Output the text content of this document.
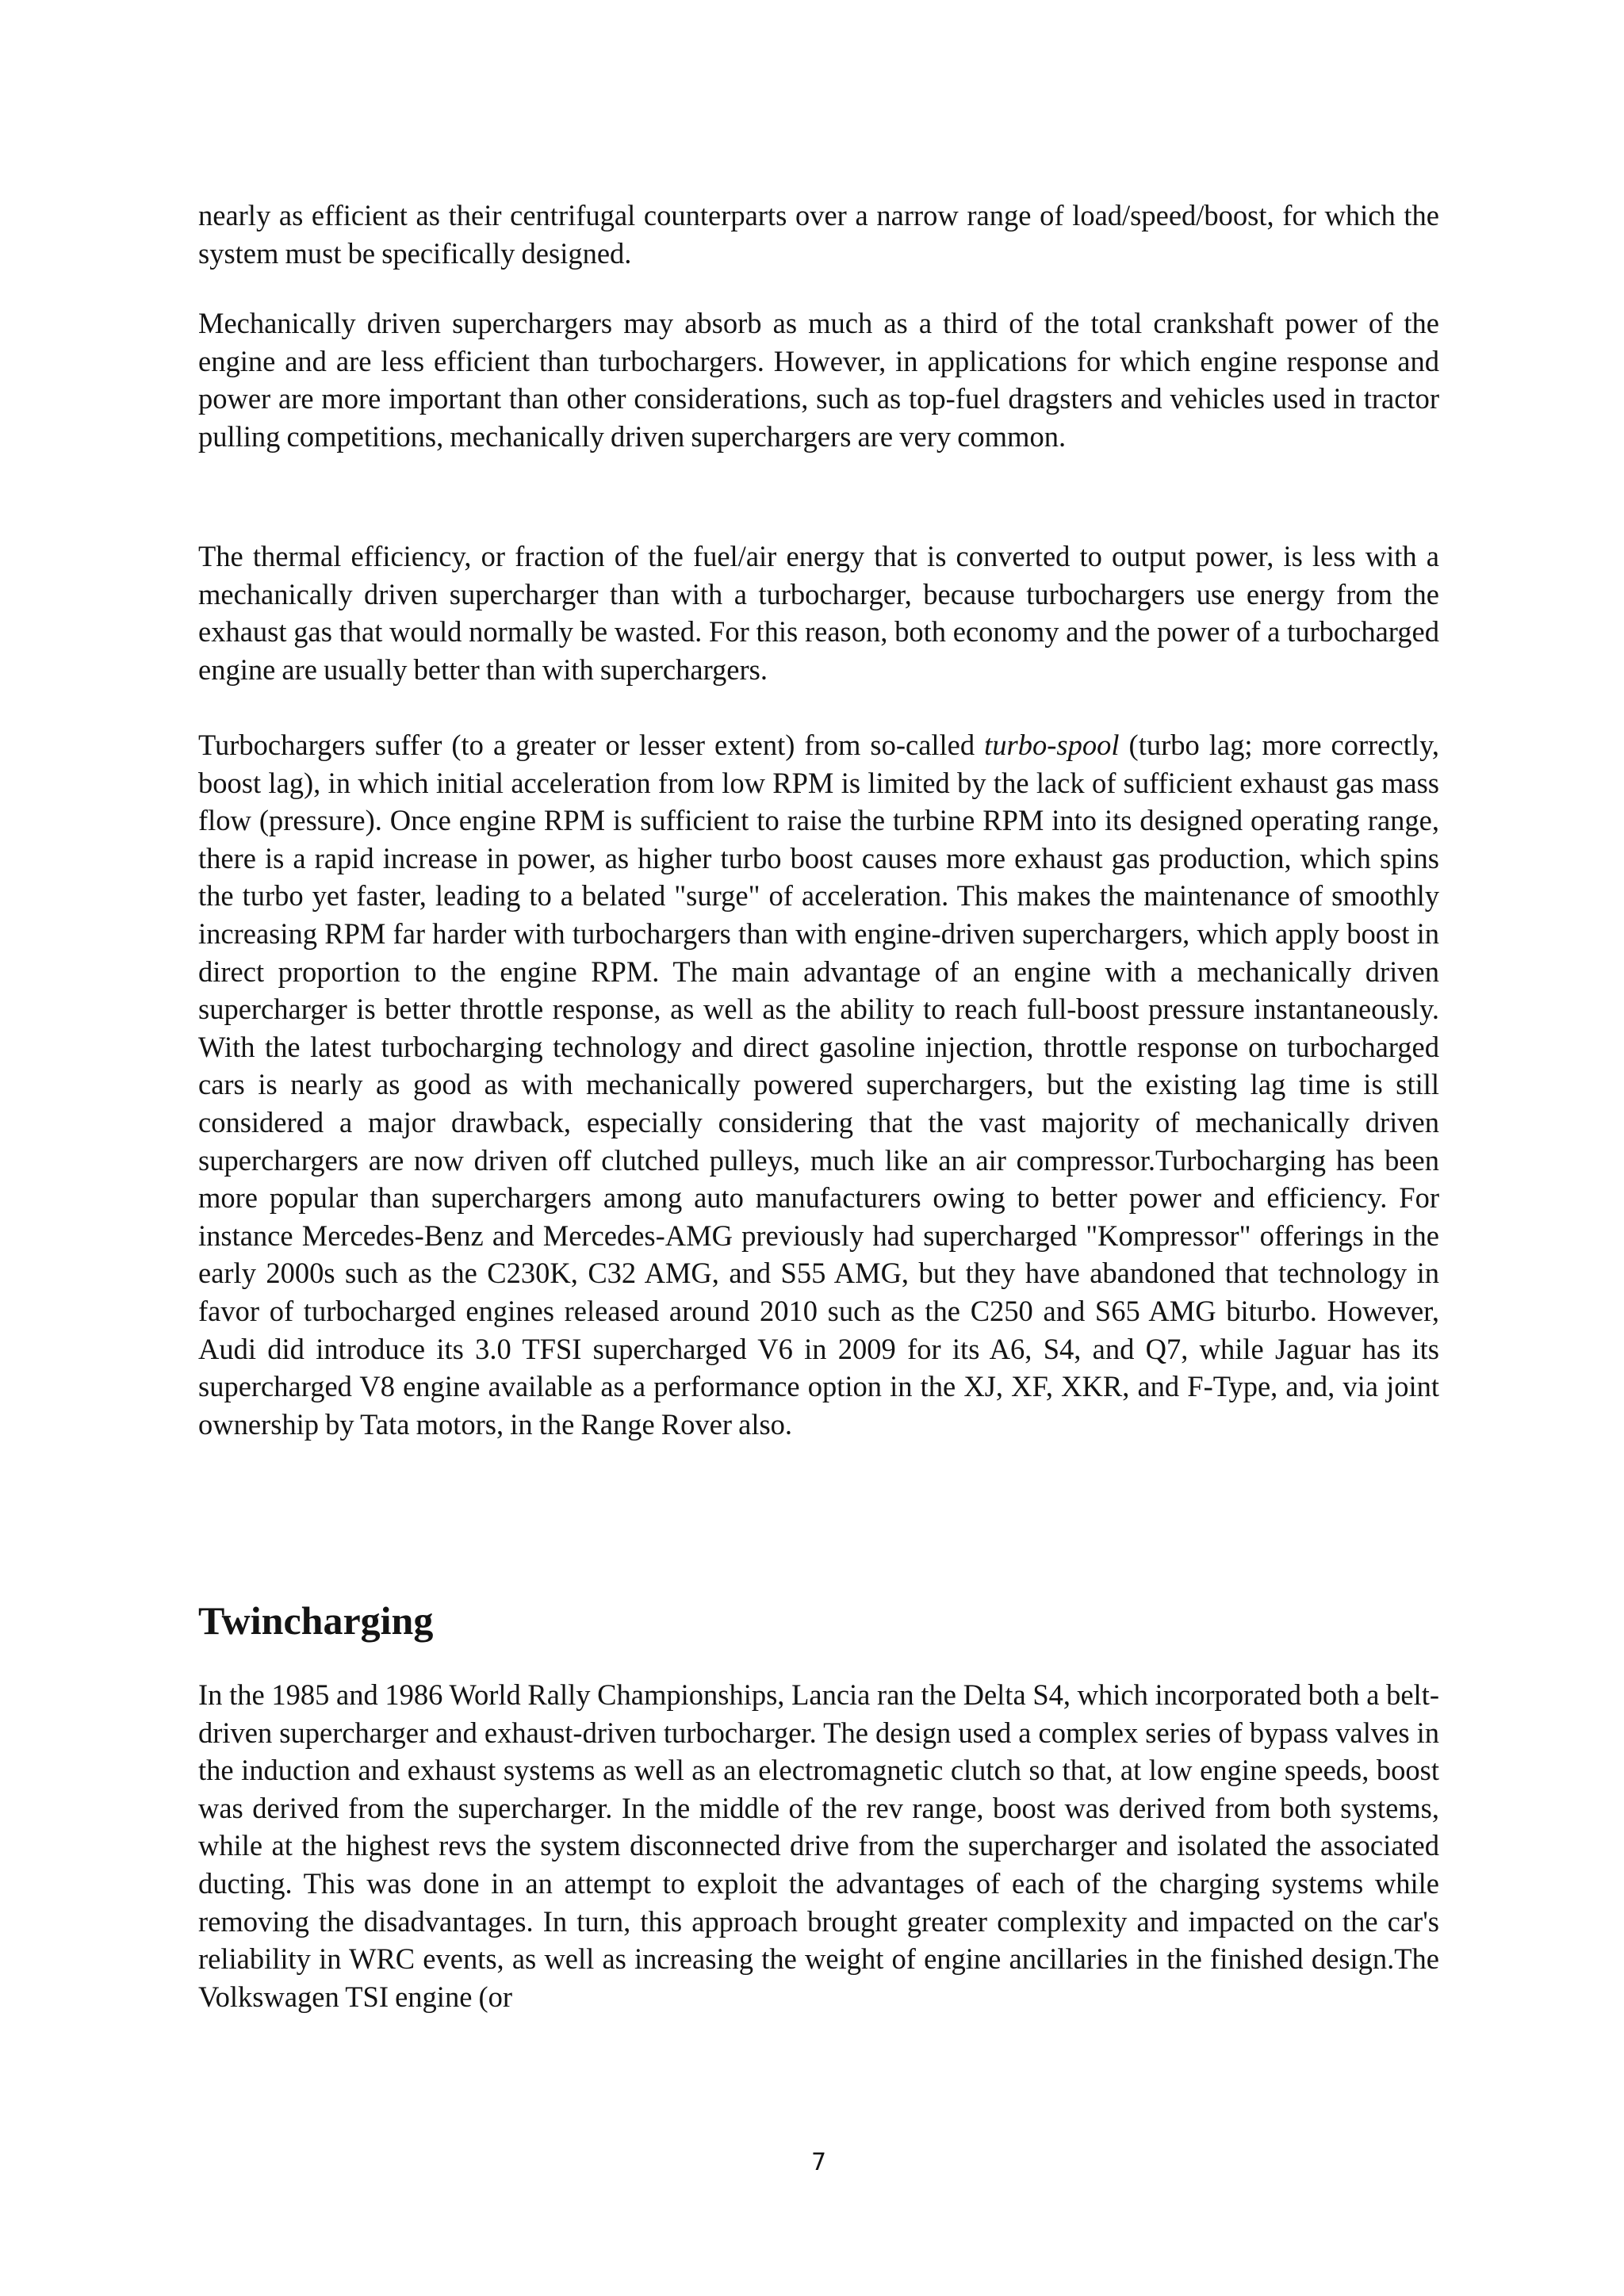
nearly as efficient as their centrifugal counterparts over a narrow range of load/speed/boost, for which the system must be specifically designed.

Mechanically driven superchargers may absorb as much as a third of the total crankshaft power of the engine and are less efficient than turbochargers. However, in applications for which engine response and power are more important than other considerations, such as top-fuel dragsters and vehicles used in tractor pulling competitions, mechanically driven superchargers are very common.

The thermal efficiency, or fraction of the fuel/air energy that is converted to output power, is less with a mechanically driven supercharger than with a turbocharger, because turbochargers use energy from the exhaust gas that would normally be wasted. For this reason, both economy and the power of a turbocharged engine are usually better than with superchargers.

Turbochargers suffer (to a greater or lesser extent) from so-called turbo-spool (turbo lag; more correctly, boost lag), in which initial acceleration from low RPM is limited by the lack of sufficient exhaust gas mass flow (pressure). Once engine RPM is sufficient to raise the turbine RPM into its designed operating range, there is a rapid increase in power, as higher turbo boost causes more exhaust gas production, which spins the turbo yet faster, leading to a belated "surge" of acceleration. This makes the maintenance of smoothly increasing RPM far harder with turbochargers than with engine-driven superchargers, which apply boost in direct proportion to the engine RPM. The main advantage of an engine with a mechanically driven supercharger is better throttle response, as well as the ability to reach full-boost pressure instantaneously. With the latest turbocharging technology and direct gasoline injection, throttle response on turbocharged cars is nearly as good as with mechanically powered superchargers, but the existing lag time is still considered a major drawback, especially considering that the vast majority of mechanically driven superchargers are now driven off clutched pulleys, much like an air compressor.Turbocharging has been more popular than superchargers among auto manufacturers owing to better power and efficiency. For instance Mercedes-Benz and Mercedes-AMG previously had supercharged "Kompressor" offerings in the early 2000s such as the C230K, C32 AMG, and S55 AMG, but they have abandoned that technology in favor of turbocharged engines released around 2010 such as the C250 and S65 AMG biturbo. However, Audi did introduce its 3.0 TFSI supercharged V6 in 2009 for its A6, S4, and Q7, while Jaguar has its supercharged V8 engine available as a performance option in the XJ, XF, XKR, and F-Type, and, via joint ownership by Tata motors, in the Range Rover also.

Twincharging

In the 1985 and 1986 World Rally Championships, Lancia ran the Delta S4, which incorporated both a belt-driven supercharger and exhaust-driven turbocharger. The design used a complex series of bypass valves in the induction and exhaust systems as well as an electromagnetic clutch so that, at low engine speeds, boost was derived from the supercharger. In the middle of the rev range, boost was derived from both systems, while at the highest revs the system disconnected drive from the supercharger and isolated the associated ducting. This was done in an attempt to exploit the advantages of each of the charging systems while removing the disadvantages. In turn, this approach brought greater complexity and impacted on the car's reliability in WRC events, as well as increasing the weight of engine ancillaries in the finished design.The Volkswagen TSI engine (or

7
